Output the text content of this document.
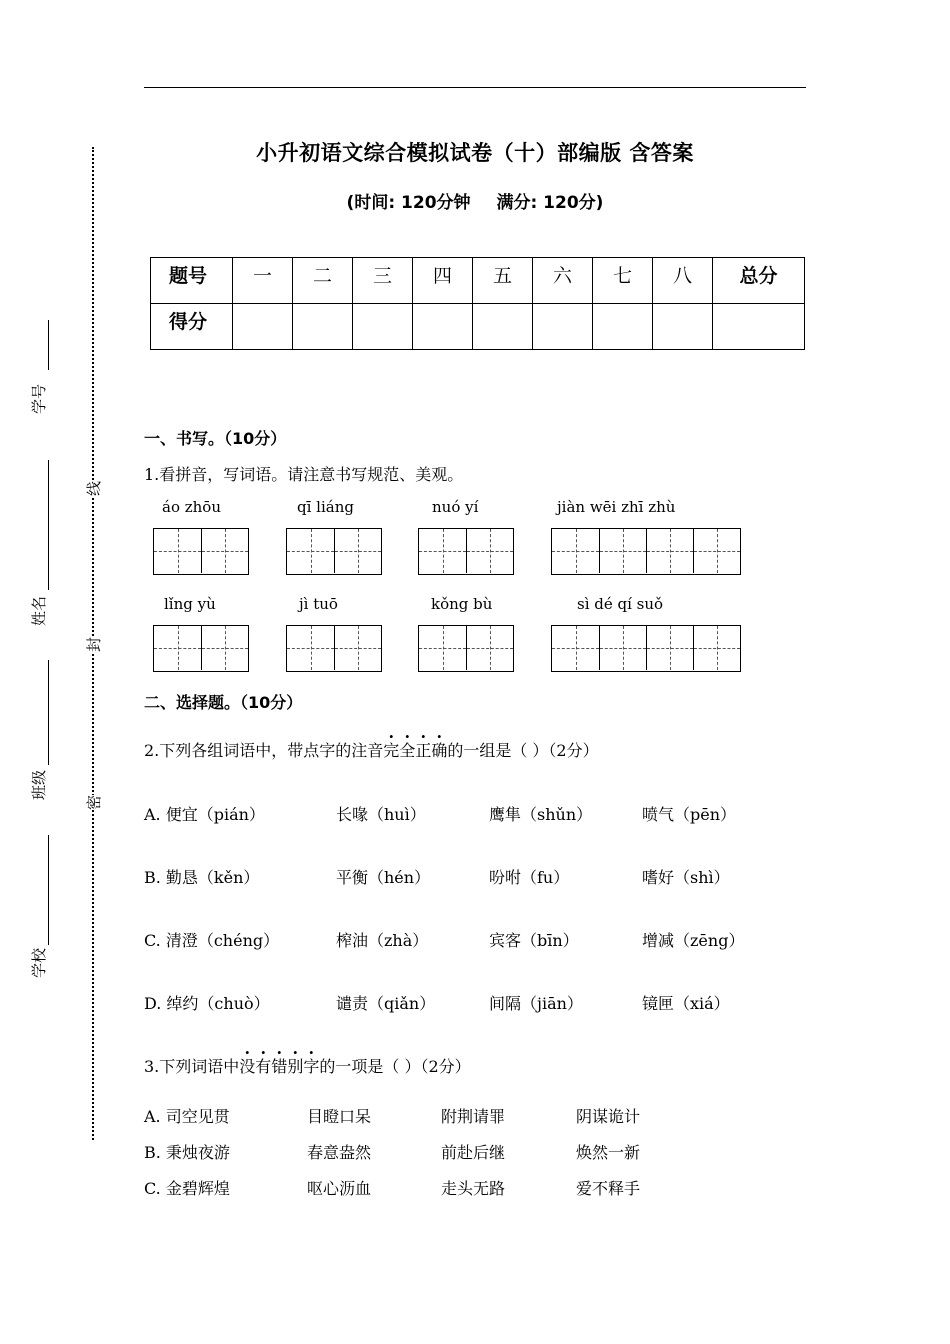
学号
姓名
班级
学校
线
封
密
小升初语文综合模拟试卷（十）部编版 含答案
(时间: 120分钟 满分: 120分)
题号	一	二	三	四	五	六	七	八	总分
得分									
一、书写。（10分）
1.看拼音，写词语。请注意书写规范、美观。
áo zhōu	qī liáng	nuó yí	jiàn wēi zhī zhù
lǐng yù	jì tuō	kǒng bù	sì dé qí suǒ
二、选择题。（10分）
2.下列各组词语中，带点字的注音完全正确的一组是（ ）（2分）
A. 便宜（pián）	长喙（huì）	鹰隼（shǔn）	喷气（pēn）
B. 勤恳（kěn）	平衡（hén）	吩咐（fu）	嗜好（shì）
C. 清澄（chéng）	榨油（zhà）	宾客（bīn）	增减（zēng）
D. 绰约（chuò）	谴责（qiǎn）	间隔（jiān）	镜匣（xiá）
3.下列词语中没有错别字的一项是（ ）（2分）
A. 司空见贯	目瞪口呆	附荆请罪	阴谋诡计
B. 秉烛夜游	春意盎然	前赴后继	焕然一新
C. 金碧辉煌	呕心沥血	走头无路	爱不释手
